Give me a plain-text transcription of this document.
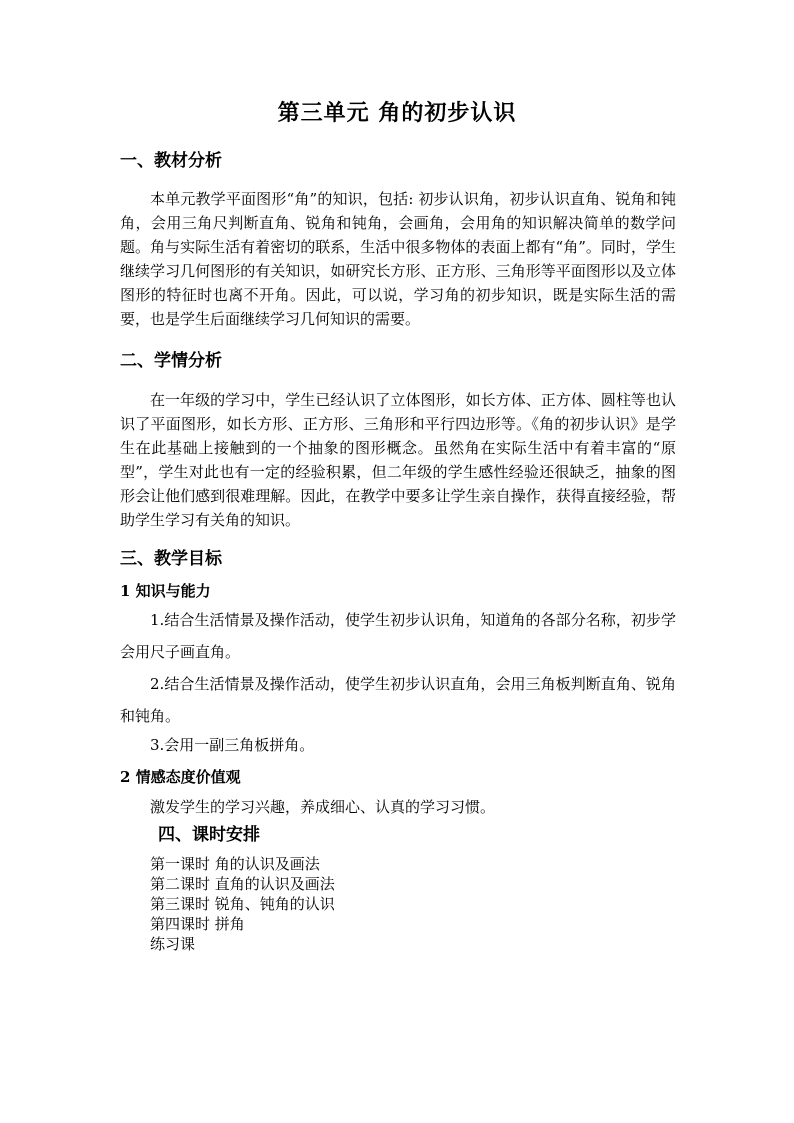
第三单元 角的初步认识
一、教材分析
本单元教学平面图形“角”的知识，包括: 初步认识角，初步认识直角、锐角和钝角，会用三角尺判断直角、锐角和钝角，会画角，会用角的知识解决简单的数学问题。角与实际生活有着密切的联系，生活中很多物体的表面上都有“角”。同时，学生继续学习几何图形的有关知识，如研究长方形、正方形、三角形等平面图形以及立体图形的特征时也离不开角。因此，可以说，学习角的初步知识，既是实际生活的需要，也是学生后面继续学习几何知识的需要。
二、学情分析
在一年级的学习中，学生已经认识了立体图形，如长方体、正方体、圆柱等也认识了平面图形，如长方形、正方形、三角形和平行四边形等。《角的初步认识》是学生在此基础上接触到的一个抽象的图形概念。虽然角在实际生活中有着丰富的“原型”，学生对此也有一定的经验积累，但二年级的学生感性经验还很缺乏，抽象的图形会让他们感到很难理解。因此，在教学中要多让学生亲自操作，获得直接经验，帮助学生学习有关角的知识。
三、教学目标
1 知识与能力
1.结合生活情景及操作活动，使学生初步认识角，知道角的各部分名称，初步学会用尺子画直角。
2.结合生活情景及操作活动，使学生初步认识直角，会用三角板判断直角、锐角和钝角。
3.会用一副三角板拼角。
2 情感态度价值观
激发学生的学习兴趣，养成细心、认真的学习习惯。
四、课时安排
第一课时 角的认识及画法
第二课时 直角的认识及画法
第三课时 锐角、钝角的认识
第四课时 拼角
练习课
